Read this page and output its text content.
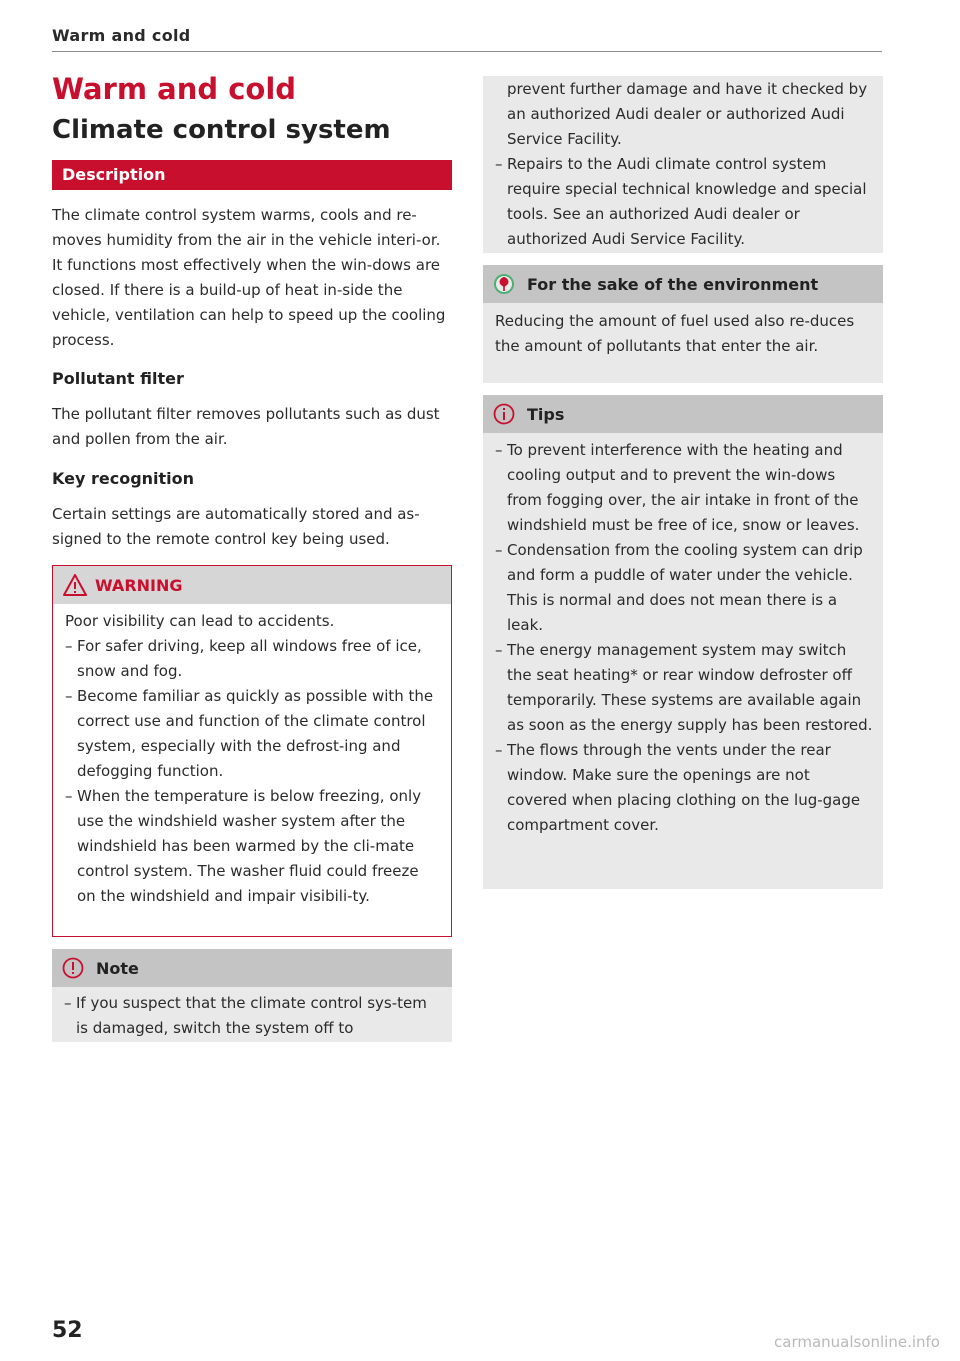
Warm and cold
Warm and cold
Climate control system
Description

The climate control system warms, cools and re-moves humidity from the air in the vehicle interi-or. It functions most effectively when the win-dows are closed. If there is a build-up of heat in-side the vehicle, ventilation can help to speed up the cooling process.

Pollutant filter

The pollutant filter removes pollutants such as dust and pollen from the air.

Key recognition

Certain settings are automatically stored and as-signed to the remote control key being used.

WARNING

Poor visibility can lead to accidents.

– For safer driving, keep all windows free of ice, snow and fog.
– Become familiar as quickly as possible with the correct use and function of the climate control system, especially with the defrost-ing and defogging function.
– When the temperature is below freezing, only use the windshield washer system after the windshield has been warmed by the cli-mate control system. The washer fluid could freeze on the windshield and impair visibili-ty.
Note
– If you suspect that the climate control sys-tem is damaged, switch the system off to
prevent further damage and have it checked by an authorized Audi dealer or authorized Audi Service Facility.
– Repairs to the Audi climate control system require special technical knowledge and special tools. See an authorized Audi dealer or authorized Audi Service Facility.
For the sake of the environment

Reducing the amount of fuel used also re-duces the amount of pollutants that enter the air.

Tips
– To prevent interference with the heating and cooling output and to prevent the win-dows from fogging over, the air intake in front of the windshield must be free of ice, snow or leaves.
– Condensation from the cooling system can drip and form a puddle of water under the vehicle. This is normal and does not mean there is a leak.
– The energy management system may switch the seat heating* or rear window defroster off temporarily. These systems are available again as soon as the energy supply has been restored.
– The flows through the vents under the rear window. Make sure the openings are not covered when placing clothing on the lug-gage compartment cover.
52	carmanualsonline.info
